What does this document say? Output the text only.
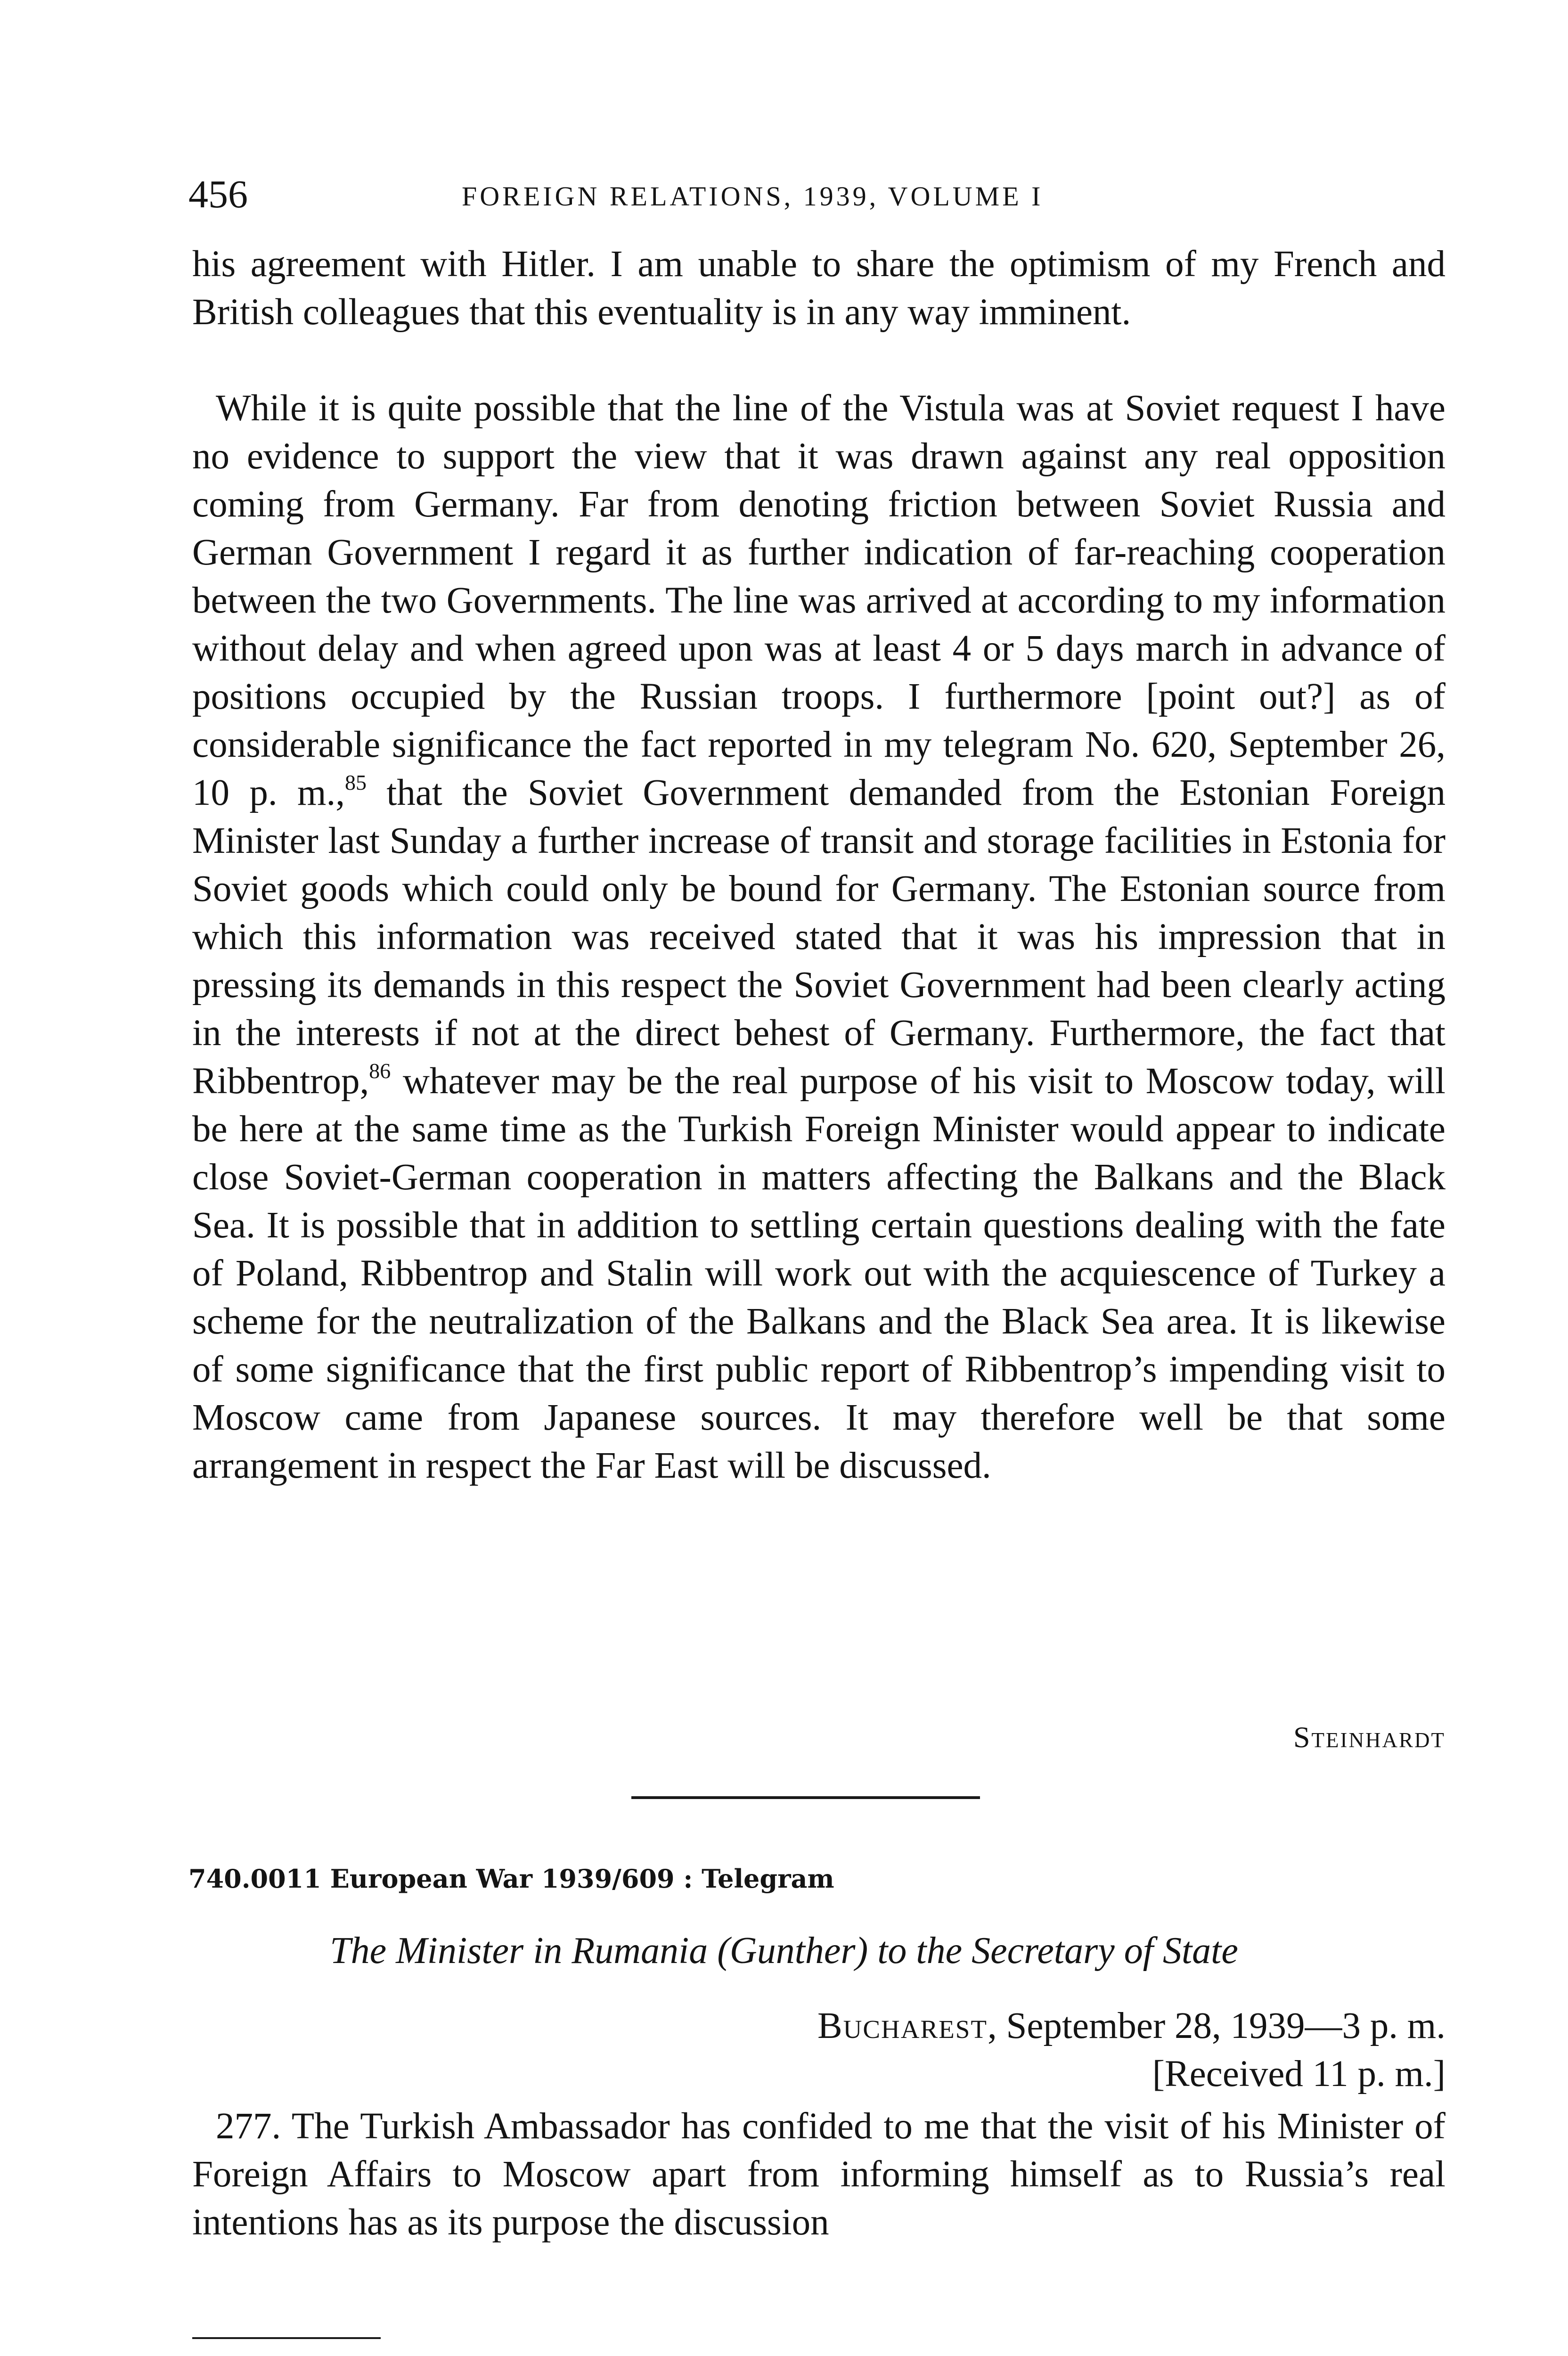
456	FOREIGN RELATIONS, 1939, VOLUME I

his agreement with Hitler. I am unable to share the optimism of my French and British colleagues that this eventuality is in any way imminent.

While it is quite possible that the line of the Vistula was at Soviet request I have no evidence to support the view that it was drawn against any real opposition coming from Germany. Far from denoting friction between Soviet Russia and German Government I regard it as further indication of far-reaching cooperation between the two Governments. The line was arrived at according to my information without delay and when agreed upon was at least 4 or 5 days march in advance of positions occupied by the Russian troops. I furthermore [point out?] as of considerable significance the fact reported in my telegram No. 620, September 26, 10 p. m.,$^{85}$ that the Soviet Government demanded from the Estonian Foreign Minister last Sunday a further increase of transit and storage facilities in Estonia for Soviet goods which could only be bound for Germany. The Estonian source from which this information was received stated that it was his impression that in pressing its demands in this respect the Soviet Government had been clearly acting in the interests if not at the direct behest of Germany. Furthermore, the fact that Ribbentrop,$^{86}$ whatever may be the real purpose of his visit to Moscow today, will be here at the same time as the Turkish Foreign Minister would appear to indicate close Soviet-German cooperation in matters affecting the Balkans and the Black Sea. It is possible that in addition to settling certain questions dealing with the fate of Poland, Ribbentrop and Stalin will work out with the acquiescence of Turkey a scheme for the neutralization of the Balkans and the Black Sea area. It is likewise of some significance that the first public report of Ribbentrop’s impending visit to Moscow came from Japanese sources. It may therefore well be that some arrangement in respect the Far East will be discussed.

Steinhardt
740.0011 European War 1939/609 : Telegram
The Minister in Rumania (Gunther) to the Secretary of State
Bucharest, September 28, 1939—3 p. m.
[Received 11 p. m.]

277. The Turkish Ambassador has confided to me that the visit of his Minister of Foreign Affairs to Moscow apart from informing himself as to Russia’s real intentions has as its purpose the discussion
